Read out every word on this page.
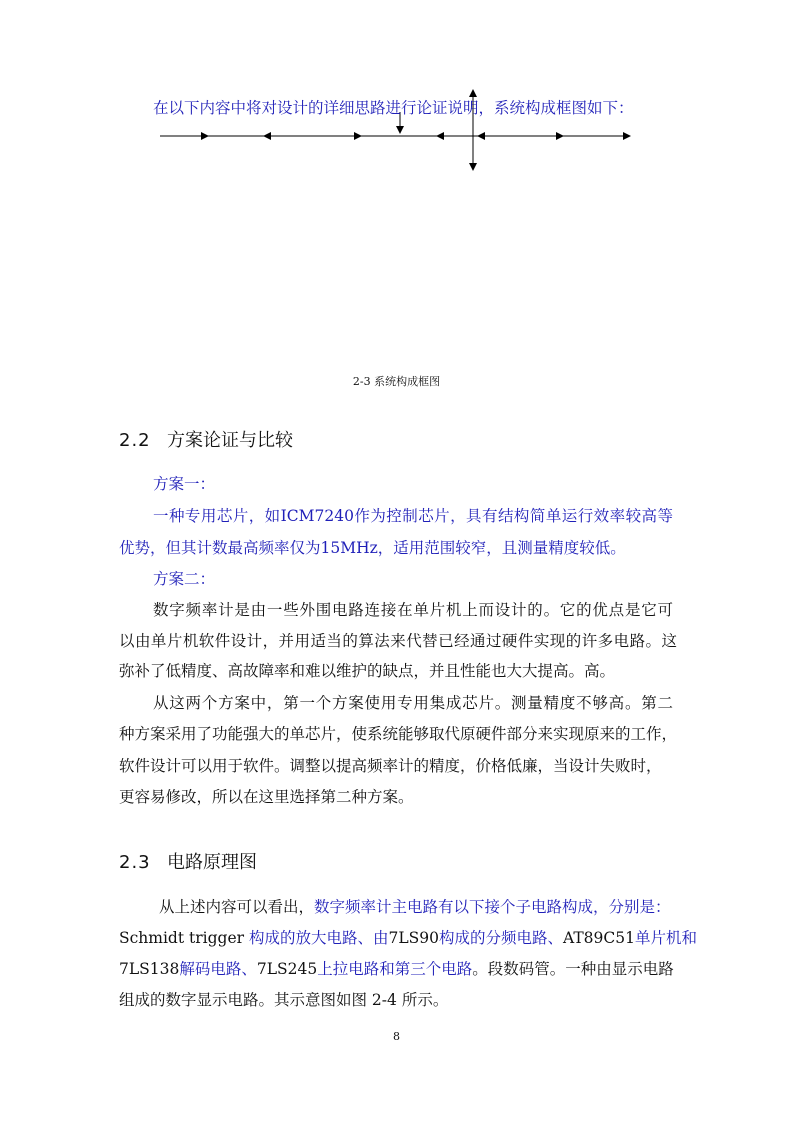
在以下内容中将对设计的详细思路进行论证说明，系统构成框图如下：
2-3 系统构成框图
2.2 方案论证与比较
方案一：
一种专用芯片，如ICM7240作为控制芯片，具有结构简单运行效率较高等
优势，但其计数最高频率仅为15MHz，适用范围较窄，且测量精度较低。
方案二：
数字频率计是由一些外围电路连接在单片机上而设计的。它的优点是它可
以由单片机软件设计，并用适当的算法来代替已经通过硬件实现的许多电路。这
弥补了低精度、高故障率和难以维护的缺点，并且性能也大大提高。高。
从这两个方案中，第一个方案使用专用集成芯片。测量精度不够高。第二
种方案采用了功能强大的单芯片，使系统能够取代原硬件部分来实现原来的工作，
软件设计可以用于软件。调整以提高频率计的精度，价格低廉，当设计失败时，
更容易修改，所以在这里选择第二种方案。
2.3 电路原理图
从上述内容可以看出，数字频率计主电路有以下接个子电路构成，分别是：
Schmidt trigger 构成的放大电路、由7LS90构成的分频电路、AT89C51单片机和
7LS138解码电路、7LS245上拉电路和第三个电路。段数码管。一种由显示电路
组成的数字显示电路。其示意图如图 2-4 所示。
8
